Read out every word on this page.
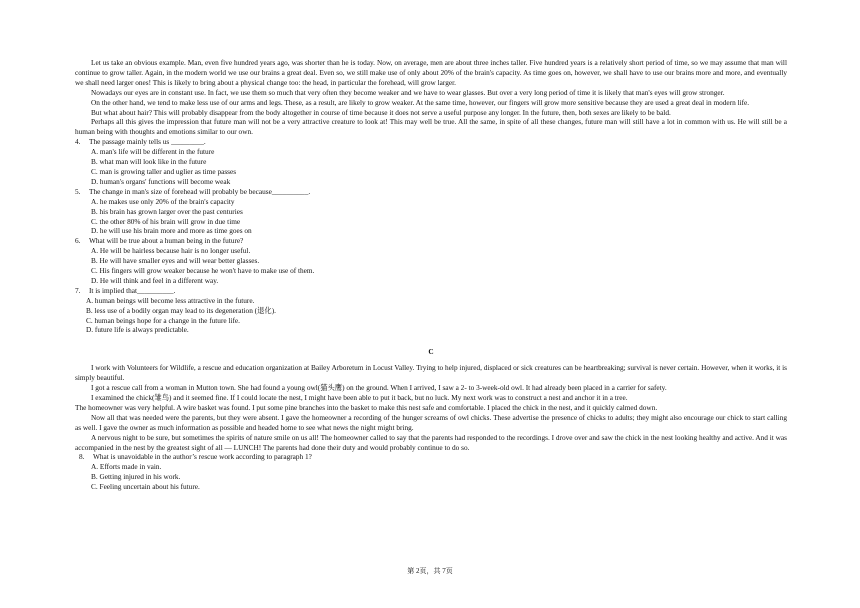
Let us take an obvious example. Man, even five hundred years ago, was shorter than he is today. Now, on average, men are about three inches taller. Five hundred years is a relatively short period of time, so we may assume that man will continue to grow taller. Again, in the modern world we use our brains a great deal. Even so, we still make use of only about 20% of the brain's capacity. As time goes on, however, we shall have to use our brains more and more, and eventually we shall need larger ones! This is likely to bring about a physical change too: the head, in particular the forehead, will grow larger.

Nowadays our eyes are in constant use. In fact, we use them so much that very often they become weaker and we have to wear glasses. But over a very long period of time it is likely that man's eyes will grow stronger.

On the other hand, we tend to make less use of our arms and legs. These, as a result, are likely to grow weaker. At the same time, however, our fingers will grow more sensitive because they are used a great deal in modern life.

But what about hair? This will probably disappear from the body altogether in course of time because it does not serve a useful purpose any longer. In the future, then, both sexes are likely to be bald.

Perhaps all this gives the impression that future man will not be a very attractive creature to look at! This may well be true. All the same, in spite of all these changes, future man will still have a lot in common with us. He will still be a human being with thoughts and emotions similar to our own.

4. The passage mainly tells us _________.

A. man's life will be different in the future

B. what man will look like in the future

C. man is growing taller and uglier as time passes

D. human's organs' functions will become weak

5. The change in man's size of forehead will probably be because__________.

A. he makes use only 20% of the brain's capacity

B. his brain has grown larger over the past centuries

C. the other 80% of his brain will grow in due time

D. he will use his brain more and more as time goes on

6. What will be true about a human being in the future?

A. He will be hairless because hair is no longer useful.

B. He will have smaller eyes and will wear better glasses.

C. His fingers will grow weaker because he won't have to make use of them.

D. He will think and feel in a different way.

7. It is implied that__________.

A. human beings will become less attractive in the future.

B. less use of a bodily organ may lead to its degeneration (退化).

C. human beings hope for a change in the future life.

D. future life is always predictable.

C

I work with Volunteers for Wildlife, a rescue and education organization at Bailey Arboretum in Locust Valley. Trying to help injured, displaced or sick creatures can be heartbreaking; survival is never certain. However, when it works, it is simply beautiful.

I got a rescue call from a woman in Mutton town. She had found a young owl(猫头鹰) on the ground. When I arrived, I saw a 2- to 3-week-old owl. It had already been placed in a carrier for safety.

I examined the chick(雏鸟) and it seemed fine. If I could locate the nest, I might have been able to put it back, but no luck. My next work was to construct a nest and anchor it in a tree.

The homeowner was very helpful. A wire basket was found. I put some pine branches into the basket to make this nest safe and comfortable. I placed the chick in the nest, and it quickly calmed down.

Now all that was needed were the parents, but they were absent. I gave the homeowner a recording of the hunger screams of owl chicks. These advertise the presence of chicks to adults; they might also encourage our chick to start calling as well. I gave the owner as much information as possible and headed home to see what news the night might bring.

A nervous night to be sure, but sometimes the spirits of nature smile on us all! The homeowner called to say that the parents had responded to the recordings. I drove over and saw the chick in the nest looking healthy and active. And it was accompanied in the nest by the greatest sight of all — LUNCH! The parents had done their duty and would probably continue to do so.

8. What is unavoidable in the author’s rescue work according to paragraph 1?

A. Efforts made in vain.

B. Getting injured in his work.

C. Feeling uncertain about his future.

第 2页，共 7页
